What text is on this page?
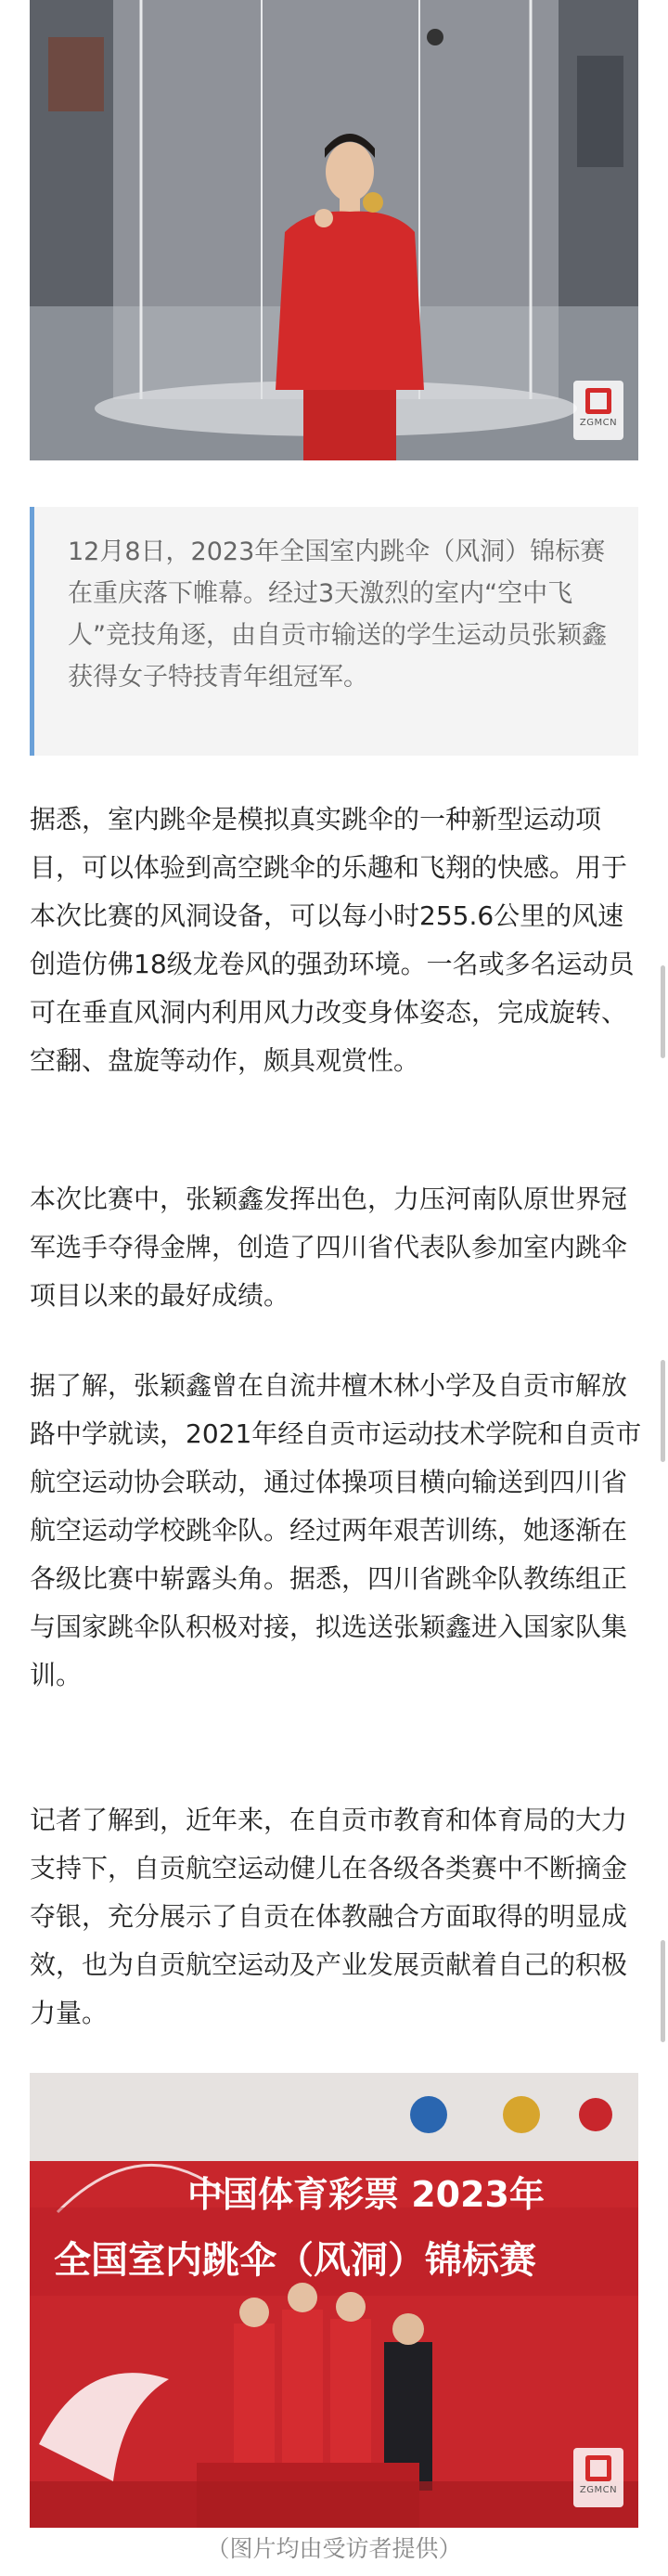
ZGMCN

12月8日，2023年全国室内跳伞（风洞）锦标赛在重庆落下帷幕。经过3天激烈的室内“空中飞人”竞技角逐，由自贡市输送的学生运动员张颖鑫获得女子特技青年组冠军。

据悉，室内跳伞是模拟真实跳伞的一种新型运动项目，可以体验到高空跳伞的乐趣和飞翔的快感。用于本次比赛的风洞设备，可以每小时255.6公里的风速创造仿佛18级龙卷风的强劲环境。一名或多名运动员可在垂直风洞内利用风力改变身体姿态，完成旋转、空翻、盘旋等动作，颇具观赏性。

本次比赛中，张颖鑫发挥出色，力压河南队原世界冠军选手夺得金牌，创造了四川省代表队参加室内跳伞项目以来的最好成绩。

据了解，张颖鑫曾在自流井檀木林小学及自贡市解放路中学就读，2021年经自贡市运动技术学院和自贡市航空运动协会联动，通过体操项目横向输送到四川省航空运动学校跳伞队。经过两年艰苦训练，她逐渐在各级比赛中崭露头角。据悉，四川省跳伞队教练组正与国家跳伞队积极对接，拟选送张颖鑫进入国家队集训。

记者了解到，近年来，在自贡市教育和体育局的大力支持下，自贡航空运动健儿在各级各类赛中不断摘金夺银，充分展示了自贡在体教融合方面取得的明显成效，也为自贡航空运动及产业发展贡献着自己的积极力量。

中国体育彩票 2023年
全国室内跳伞（风洞）锦标赛
ZGMCN
（图片均由受访者提供）
